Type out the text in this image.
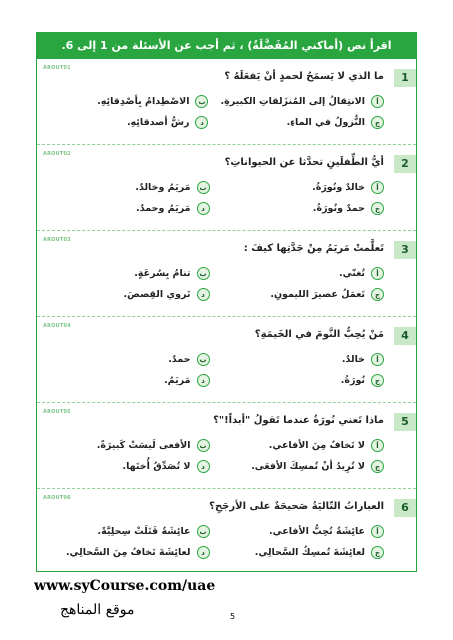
اقرأ نص (أماكني المُفَضَّلَةُ) ، ثم أجب عن الأسئلة من 1 إلى 6.
AROUT01
1
ما الذي لا يَسمَحُ لحمدٍ أنْ يَفعَلَهُ ؟
أ
الانتِقالُ إلى المُنزَلقاتِ الكبيرةِ.
ب
الاصْطِدامُ بِأصْدِقائِهِ.
ج
النُّزولُ في الماءِ.
د
رشُّ أصدقائِهِ.
AROUT02
2
أيُّ الطِّفلَينِ تحدَّثا عن الحيواناتِ؟
أ
خالدٌ ونُورَةُ.
ب
مَريَمُ وخالدٌ.
ج
حمدٌ ونُورَةُ.
د
مَريَمُ وحمدٌ.
AROUT03
3
تَعلَّمتْ مَريَمُ مِنْ جَدَّتِها كيفَ :
أ
تُغنّي.
ب
تنامُ بِسُرعَةٍ.
ج
تَعمَلُ عصيرَ الليمونِ.
د
تَروي القِصصَ.
AROUT04
4
مَنْ يُحِبُّ النَّومَ في الخَيمَةِ؟
أ
خالدٌ.
ب
حمدٌ.
ج
نُورَةُ.
د
مَريَمُ.
AROUT05
5
ماذا تَعني نُورَةُ عندما تَقولُ "أبداً!"؟
أ
لا تَخافُ مِنَ الأفاعي.
ب
الأفعى لَيسَتْ كَبيرَةً.
ج
لا تُرِيدُ أنْ تُمسِكَ الأفعَى.
د
لا تُصَدِّقُ أُختَها.
AROUT06
6
العباراتُ التّاليَةُ صَحيحَةٌ على الأرجَحِ؟
أ
عائِشَةُ تُحِبُّ الأفاعي.
ب
عائِشَةُ قَتَلَتْ سِحلِيَّةً.
ج
لعائِشَةَ تُمسِكُ السَّحالِي.
د
لعائِشَةَ تَخافُ مِنَ السَّحالِي.
www.syCourse.com/uae
موقع المناهج	5
